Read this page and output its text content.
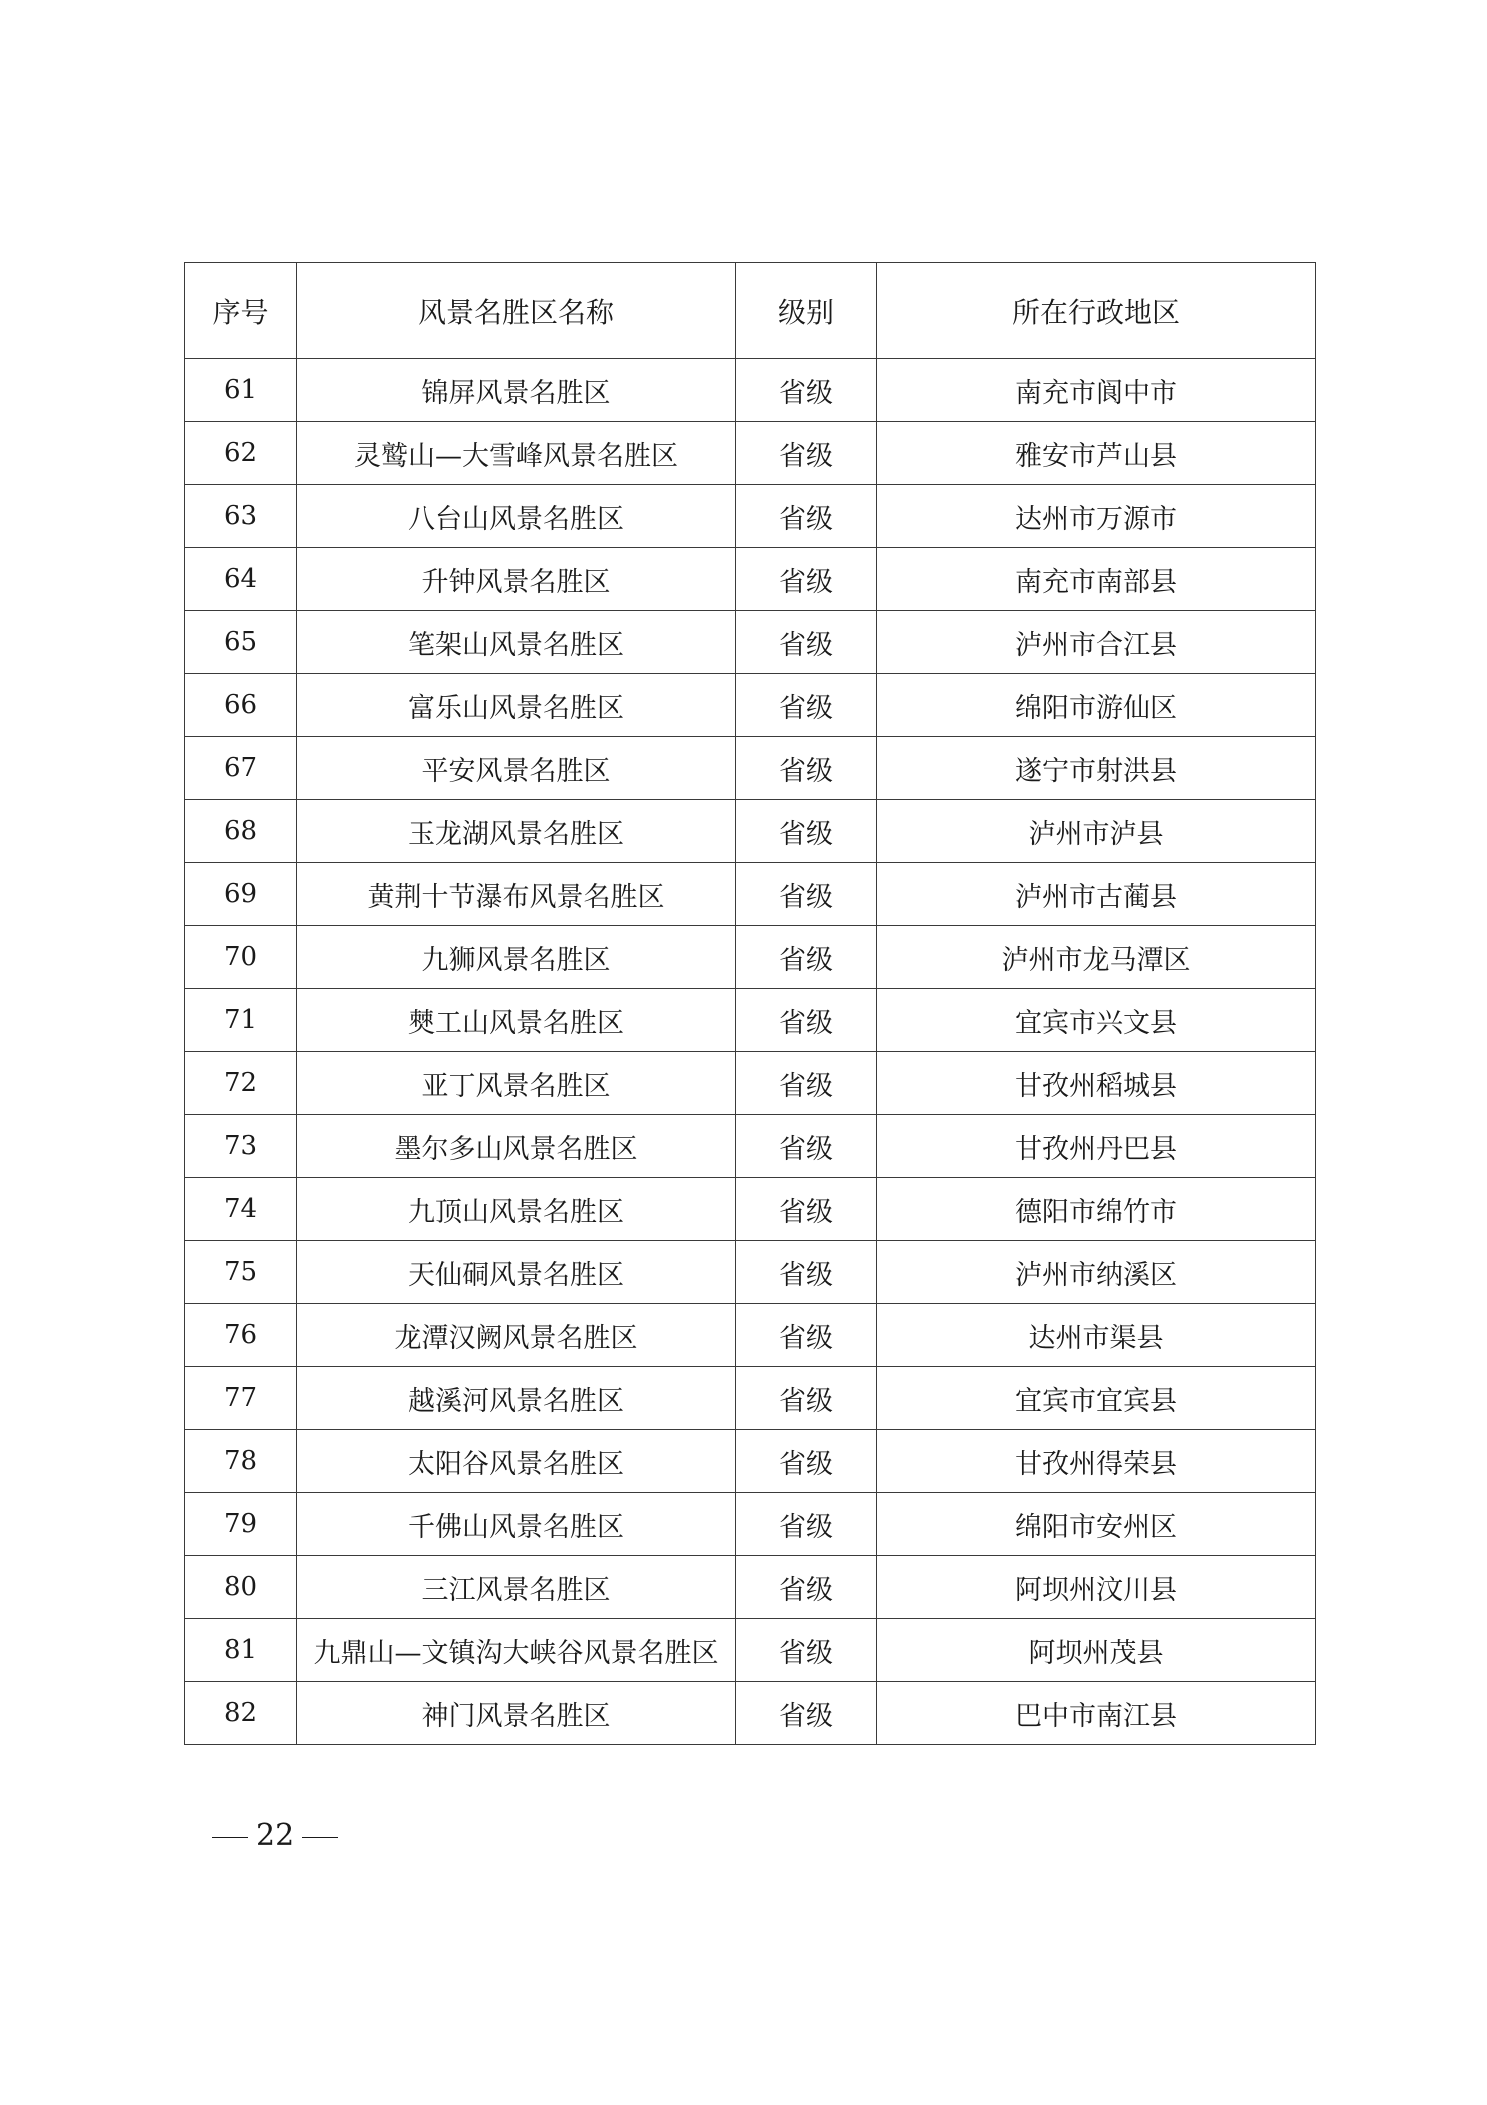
序号	风景名胜区名称	级别	所在行政地区
61	锦屏风景名胜区	省级	南充市阆中市
62	灵鹫山—大雪峰风景名胜区	省级	雅安市芦山县
63	八台山风景名胜区	省级	达州市万源市
64	升钟风景名胜区	省级	南充市南部县
65	笔架山风景名胜区	省级	泸州市合江县
66	富乐山风景名胜区	省级	绵阳市游仙区
67	平安风景名胜区	省级	遂宁市射洪县
68	玉龙湖风景名胜区	省级	泸州市泸县
69	黄荆十节瀑布风景名胜区	省级	泸州市古蔺县
70	九狮风景名胜区	省级	泸州市龙马潭区
71	僰工山风景名胜区	省级	宜宾市兴文县
72	亚丁风景名胜区	省级	甘孜州稻城县
73	墨尔多山风景名胜区	省级	甘孜州丹巴县
74	九顶山风景名胜区	省级	德阳市绵竹市
75	天仙硐风景名胜区	省级	泸州市纳溪区
76	龙潭汉阙风景名胜区	省级	达州市渠县
77	越溪河风景名胜区	省级	宜宾市宜宾县
78	太阳谷风景名胜区	省级	甘孜州得荣县
79	千佛山风景名胜区	省级	绵阳市安州区
80	三江风景名胜区	省级	阿坝州汶川县
81	九鼎山—文镇沟大峡谷风景名胜区	省级	阿坝州茂县
82	神门风景名胜区	省级	巴中市南江县
22
